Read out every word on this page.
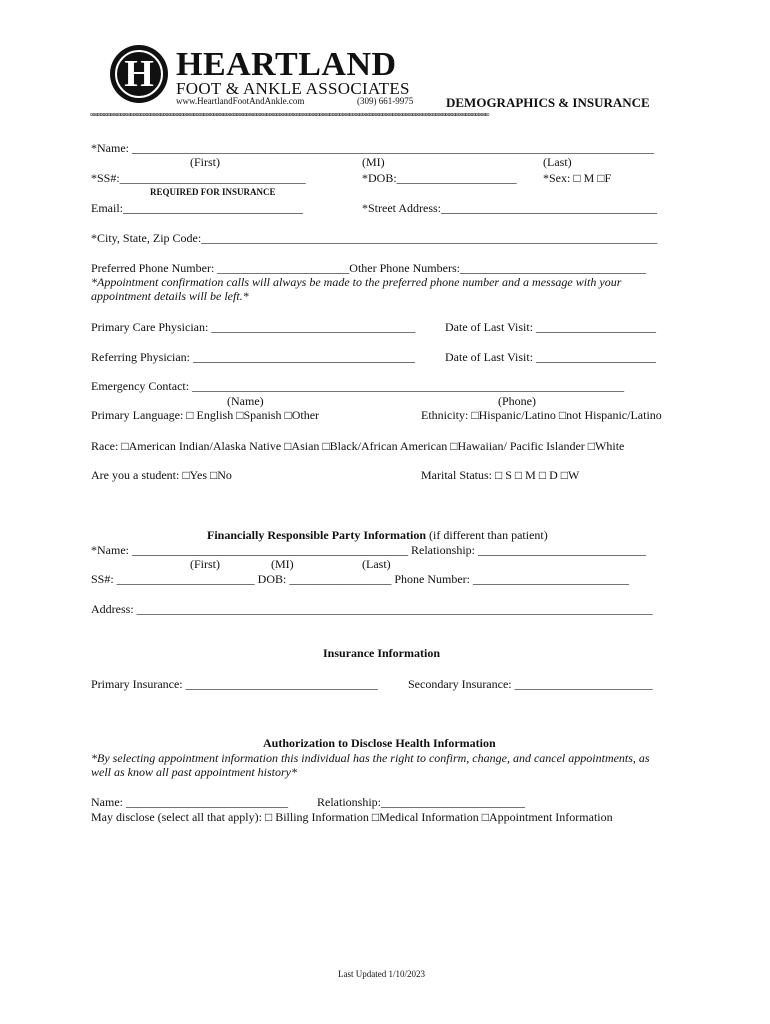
H HEARTLAND
FOOT & ANKLE ASSOCIATES
www.HeartlandFootAndAnkle.com	(309) 661-9975	DEMOGRAPHICS & INSURANCE
∞∞∞∞∞∞∞∞∞∞∞∞∞∞∞∞∞∞∞∞∞∞∞∞∞∞∞∞∞∞∞∞∞∞∞∞∞∞∞∞∞∞∞∞∞∞∞∞∞∞∞∞∞∞∞∞∞∞∞∞∞∞∞∞∞∞∞∞∞∞∞∞∞∞∞∞∞∞∞∞∞∞∞∞∞∞∞∞∞∞∞∞∞∞∞∞∞∞∞∞∞∞∞∞∞∞∞∞∞∞∞∞∞∞∞∞∞∞∞∞
*Name: _______________________________________________________________________________________
(First)	(MI)	(Last)
*SS#:_______________________________	*DOB:____________________ *Sex: □ M □F
REQUIRED FOR INSURANCE
Email:______________________________	*Street Address:____________________________________
*City, State, Zip Code:____________________________________________________________________________
Preferred Phone Number: ______________________Other Phone Numbers:_______________________________
*Appointment confirmation calls will always be made to the preferred phone number and a message with your
appointment details will be left.*
Primary Care Physician: __________________________________ Date of Last Visit: ____________________
Referring Physician: _____________________________________	Date of Last Visit: ____________________
Emergency Contact: ________________________________________________________________________
(Name)	(Phone)
Primary Language: □ English □Spanish □Other	Ethnicity: □Hispanic/Latino □not Hispanic/Latino
Race: □American Indian/Alaska Native □Asian □Black/African American □Hawaiian/ Pacific Islander □White
Are you a student: □Yes □No	Marital Status: □ S □ M □ D □W
Financially Responsible Party Information (if different than patient)
*Name: ______________________________________________ Relationship: ____________________________
(First)	(MI)	(Last)
SS#: _______________________ DOB: _________________ Phone Number: __________________________
Address: ______________________________________________________________________________________
Insurance Information
Primary Insurance: ________________________________	Secondary Insurance: _______________________
Authorization to Disclose Health Information
*By selecting appointment information this individual has the right to confirm, change, and cancel appointments, as
well as know all past appointment history*
Name: ___________________________ Relationship:________________________
May disclose (select all that apply): □ Billing Information □Medical Information □Appointment Information
Last Updated 1/10/2023
